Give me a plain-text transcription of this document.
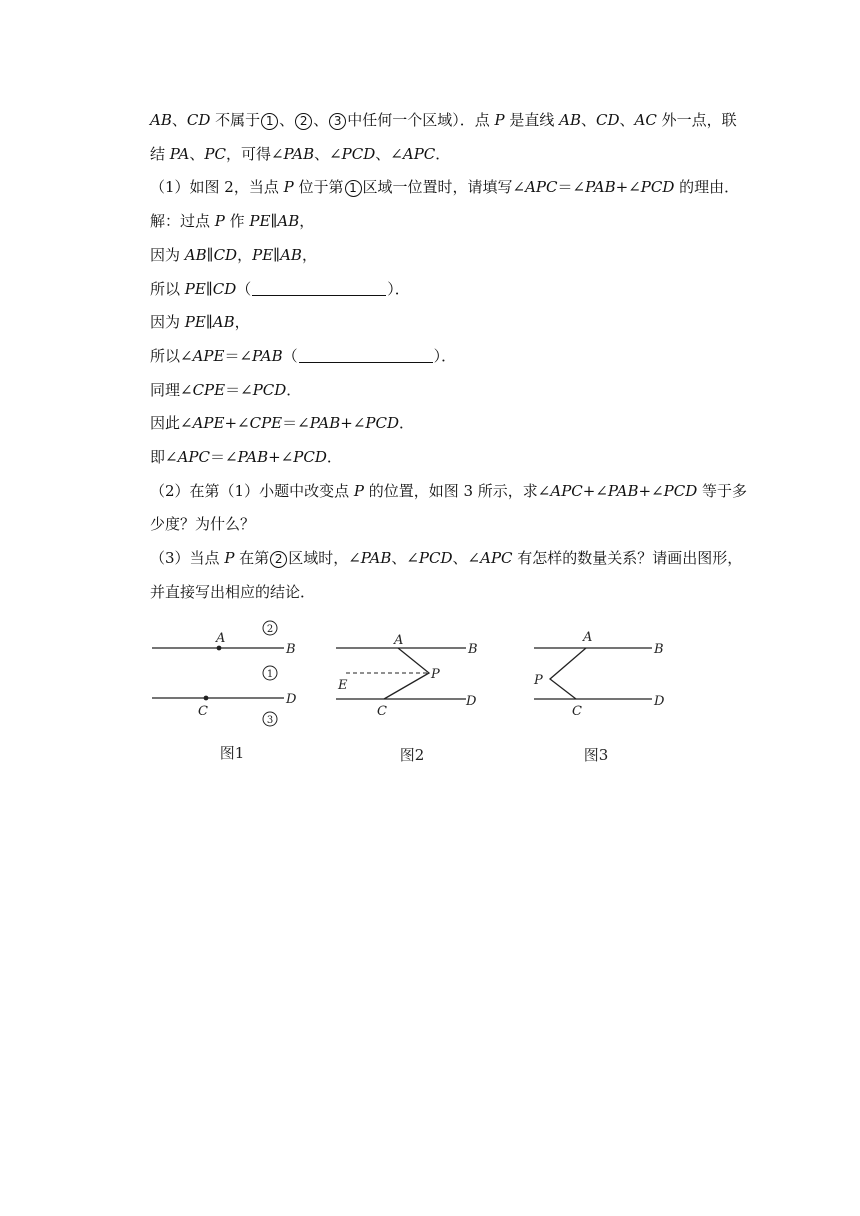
AB、CD 不属于 1 、 2 、 3 中任何一个区域）．点 P 是直线 AB、CD、AC 外一点，联
结 PA、PC，可得∠PAB、∠PCD、∠APC．
（1）如图 2，当点 P 位于第 1 区域一位置时，请填写∠APC＝∠PAB+∠PCD 的理由．
解：过点 P 作 PE∥AB，
因为 AB∥CD，PE∥AB，
所以 PE∥CD（	）．
因为 PE∥AB，
所以∠APE＝∠PAB（	）．
同理∠CPE＝∠PCD．
因此∠APE+∠CPE＝∠PAB+∠PCD．
即∠APC＝∠PAB+∠PCD．
（2）在第（1）小题中改变点 P 的位置，如图 3 所示，求∠APC+∠PAB+∠PCD 等于多
少度？为什么？
（3）当点 P 在第 2 区域时，∠PAB、∠PCD、∠APC 有怎样的数量关系？请画出图形，
并直接写出相应的结论．
A
B
C
D
2
1
3
图1
A
B
C
D
E
P
图2
A
B
C
D
P
图3
